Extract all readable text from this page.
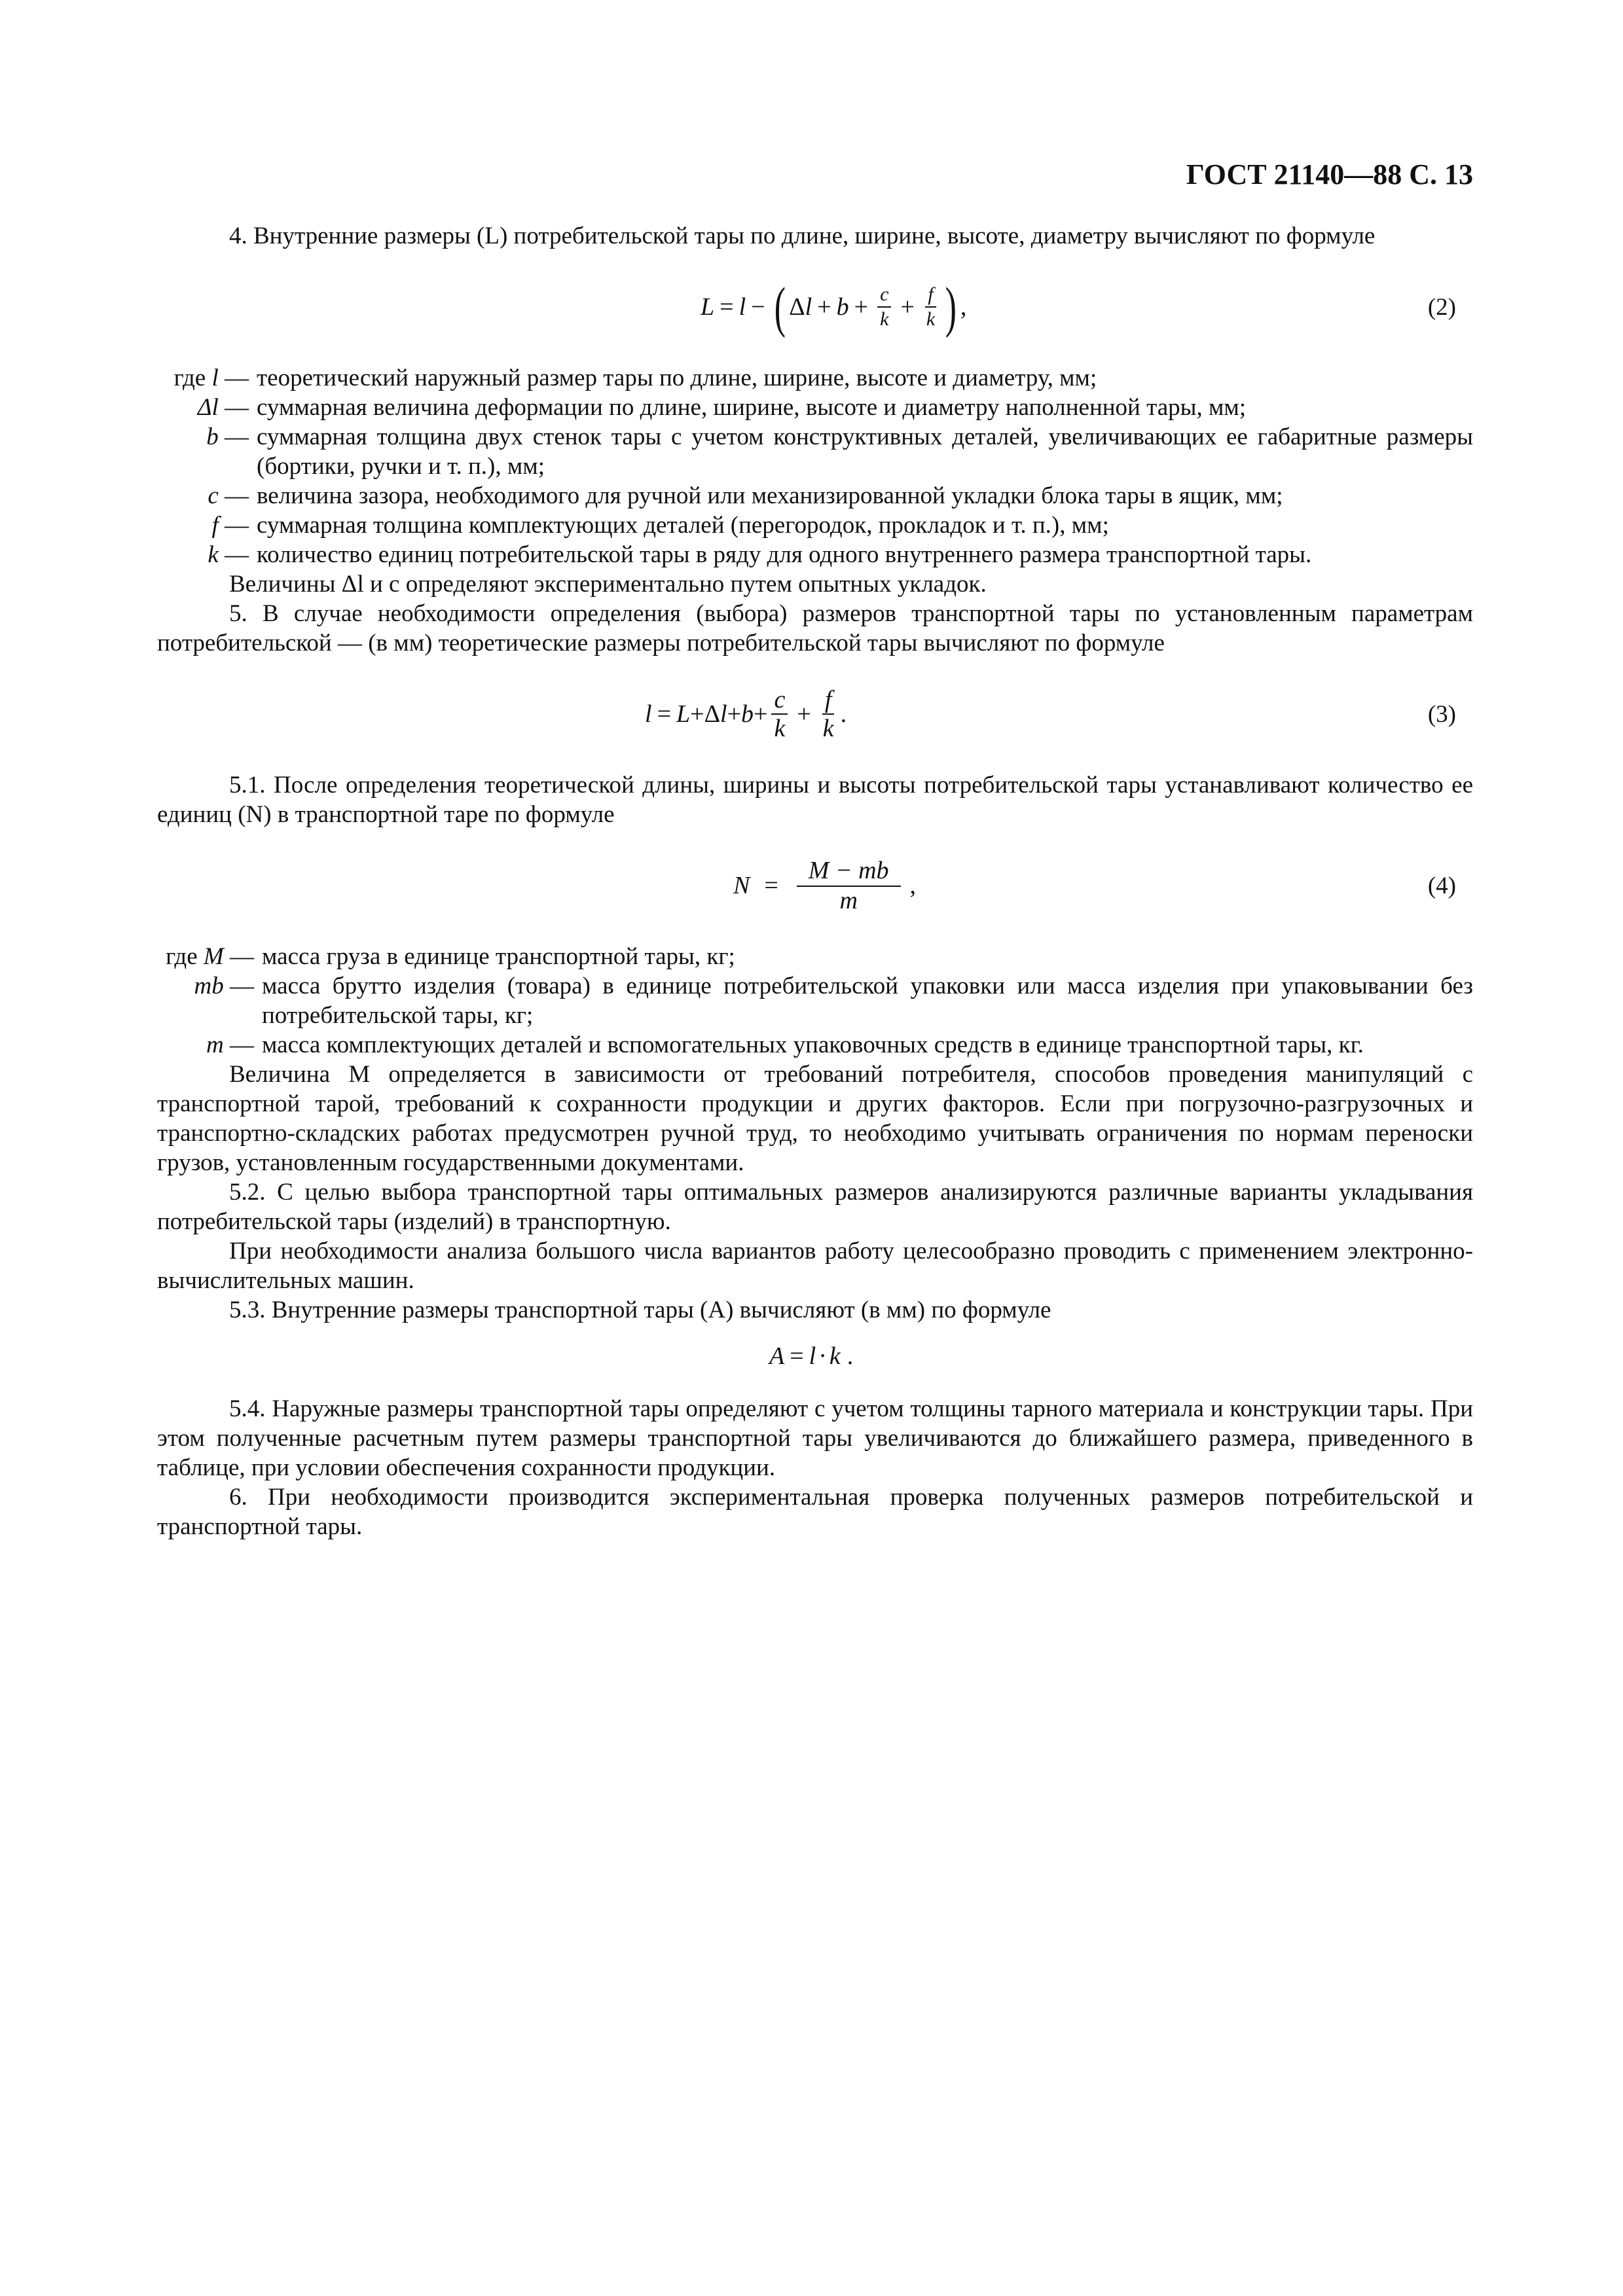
ГОСТ 21140—88 С. 13

4. Внутренние размеры (L) потребительской тары по длине, ширине, высоте, диаметру вычисляют по формуле

L = l − ( Δ $l + b + \frac{c}{k} + \frac{f}{k}$ ) ,	(2)
где l — теоретический наружный размер тары по длине, ширине, высоте и диаметру, мм;
Δl — суммарная величина деформации по длине, ширине, высоте и диаметру наполненной тары, мм;
b — суммарная толщина двух стенок тары с учетом конструктивных деталей, увеличивающих ее габаритные размеры (бортики, ручки и т. п.), мм;
c — величина зазора, необходимого для ручной или механизированной укладки блока тары в ящик, мм;
f — суммарная толщина комплектующих деталей (перегородок, прокладок и т. п.), мм;
k — количество единиц потребительской тары в ряду для одного внутреннего размера транспортной тары.

Величины Δl и c определяют экспериментально путем опытных укладок.

5. В случае необходимости определения (выбора) размеров транспортной тары по установленным параметрам потребительской — (в мм) теоретические размеры потребительской тары вычисляют по формуле

l = L + Δ $l + b + \frac{c}{k} + \frac{f}{k}$ .	(3)

5.1. После определения теоретической длины, ширины и высоты потребительской тары устанавливают количество ее единиц (N) в транспортной таре по формуле

$N = \frac{M - mb}{m}$ ,	(4)
где M — масса груза в единице транспортной тары, кг;
mb — масса брутто изделия (товара) в единице потребительской упаковки или масса изделия при упаковывании без потребительской тары, кг;
m — масса комплектующих деталей и вспомогательных упаковочных средств в единице транспортной тары, кг.

Величина M определяется в зависимости от требований потребителя, способов проведения манипуляций с транспортной тарой, требований к сохранности продукции и других факторов. Если при погрузочно-разгрузочных и транспортно-складских работах предусмотрен ручной труд, то необходимо учитывать ограничения по нормам переноски грузов, установленным государственными документами.

5.2. С целью выбора транспортной тары оптимальных размеров анализируются различные варианты укладывания потребительской тары (изделий) в транспортную.

При необходимости анализа большого числа вариантов работу целесообразно проводить с применением электронно-вычислительных машин.

5.3. Внутренние размеры транспортной тары (A) вычисляют (в мм) по формуле

A = l · k .

5.4. Наружные размеры транспортной тары определяют с учетом толщины тарного материала и конструкции тары. При этом полученные расчетным путем размеры транспортной тары увеличиваются до ближайшего размера, приведенного в таблице, при условии обеспечения сохранности продукции.

6. При необходимости производится экспериментальная проверка полученных размеров потребительской и транспортной тары.
